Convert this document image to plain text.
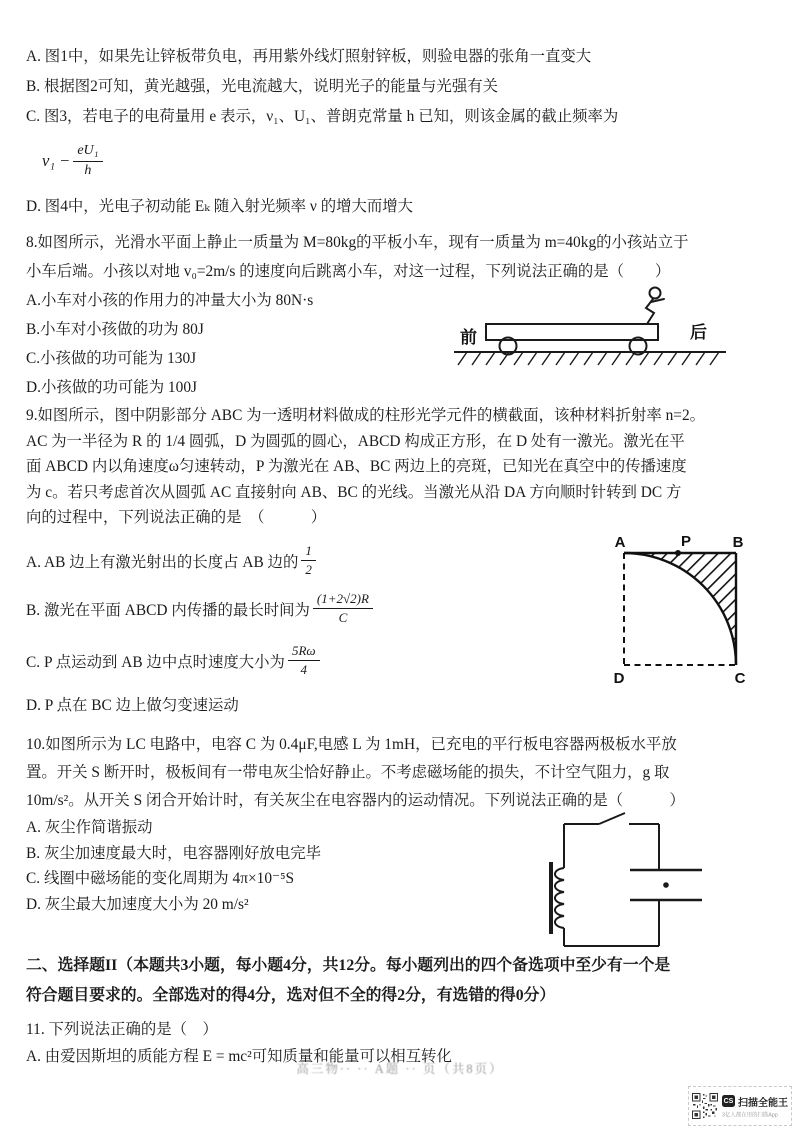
A. 图1中，如果先让锌板带负电，再用紫外线灯照射锌板，则验电器的张角一直变大
B. 根据图2可知，黄光越强，光电流越大，说明光子的能量与光强有关
C. 图3，若电子的电荷量用 e 表示，ν₁、U₁、普朗克常量 h 已知，则该金属的截止频率为
$\nu_1 - \frac{\text{eU₁}}{h}$
D. 图4中，光电子初动能 Eₖ 随入射光频率 ν 的增大而增大
8.如图所示，光滑水平面上静止一质量为 M=80kg的平板小车，现有一质量为 m=40kg的小孩站立于
小车后端。小孩以对地 v₀=2m/s 的速度向后跳离小车，对这一过程，下列说法正确的是（　　）
A.小车对小孩的作用力的冲量大小为 80N·s
B.小车对小孩做的功为 80J
C.小孩做的功可能为 130J
D.小孩做的功可能为 100J
前	后
9.如图所示，图中阴影部分 ABC 为一透明材料做成的柱形光学元件的横截面，该种材料折射率 n=2。
AC 为一半径为 R 的 1/4 圆弧，D 为圆弧的圆心，ABCD 构成正方形，在 D 处有一激光。激光在平
面 ABCD 内以角速度ω匀速转动，P 为激光在 AB、BC 两边上的亮斑，已知光在真空中的传播速度
为 c。若只考虑首次从圆弧 AC 直接射向 AB、BC 的光线。当激光从沿 DA 方向顺时针转到 DC 方
向的过程中，下列说法正确的是　（　　　）
A. AB 边上有激光射出的长度占 AB 边的 $\frac{1}{2}$
B. 激光在平面 ABCD 内传播的最长时间为 $\frac{(1+2√2)R}{C}$
C. P 点运动到 AB 边中点时速度大小为 $\frac{5R\omega}{4}$
D. P 点在 BC 边上做匀变速运动
A	B
C
D
P
10.如图所示为 LC 电路中，电容 C 为 0.4μF,电感 L 为 1mH，已充电的平行板电容器两极板水平放
置。开关 S 断开时，极板间有一带电灰尘恰好静止。不考虑磁场能的损失，不计空气阻力，g 取
10m/s²。从开关 S 闭合开始计时，有关灰尘在电容器内的运动情况。下列说法正确的是（　　　）
A. 灰尘作简谐振动
B. 灰尘加速度最大时，电容器刚好放电完毕
C. 线圈中磁场能的变化周期为 4π×10⁻⁵S
D. 灰尘最大加速度大小为 20 m/s²
二、选择题II（本题共3小题，每小题4分，共12分。每小题列出的四个备选项中至少有一个是
符合题目要求的。全部选对的得4分，选对但不全的得2分，有选错的得0分）
11. 下列说法正确的是（　）
A. 由爱因斯坦的质能方程 E = mc²可知质量和能量可以相互转化
高三物·· ·· A题 ·· 页（共8页）
CS 扫描全能王
3亿人都在用的扫描App
